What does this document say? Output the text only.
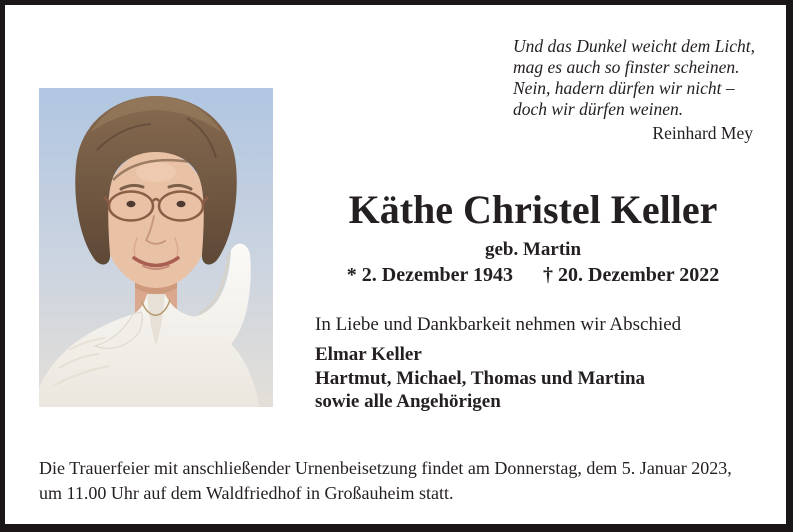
Und das Dunkel weicht dem Licht,
mag es auch so finster scheinen.
Nein, hadern dürfen wir nicht –
doch wir dürfen weinen.
Reinhard Mey
Käthe Christel Keller
geb. Martin
* 2. Dezember 1943 † 20. Dezember 2022
In Liebe und Dankbarkeit nehmen wir Abschied
Elmar Keller
Hartmut, Michael, Thomas und Martina
sowie alle Angehörigen
Die Trauerfeier mit anschließender Urnenbeisetzung findet am Donnerstag, dem 5. Januar 2023,
um 11.00 Uhr auf dem Waldfriedhof in Großauheim statt.
